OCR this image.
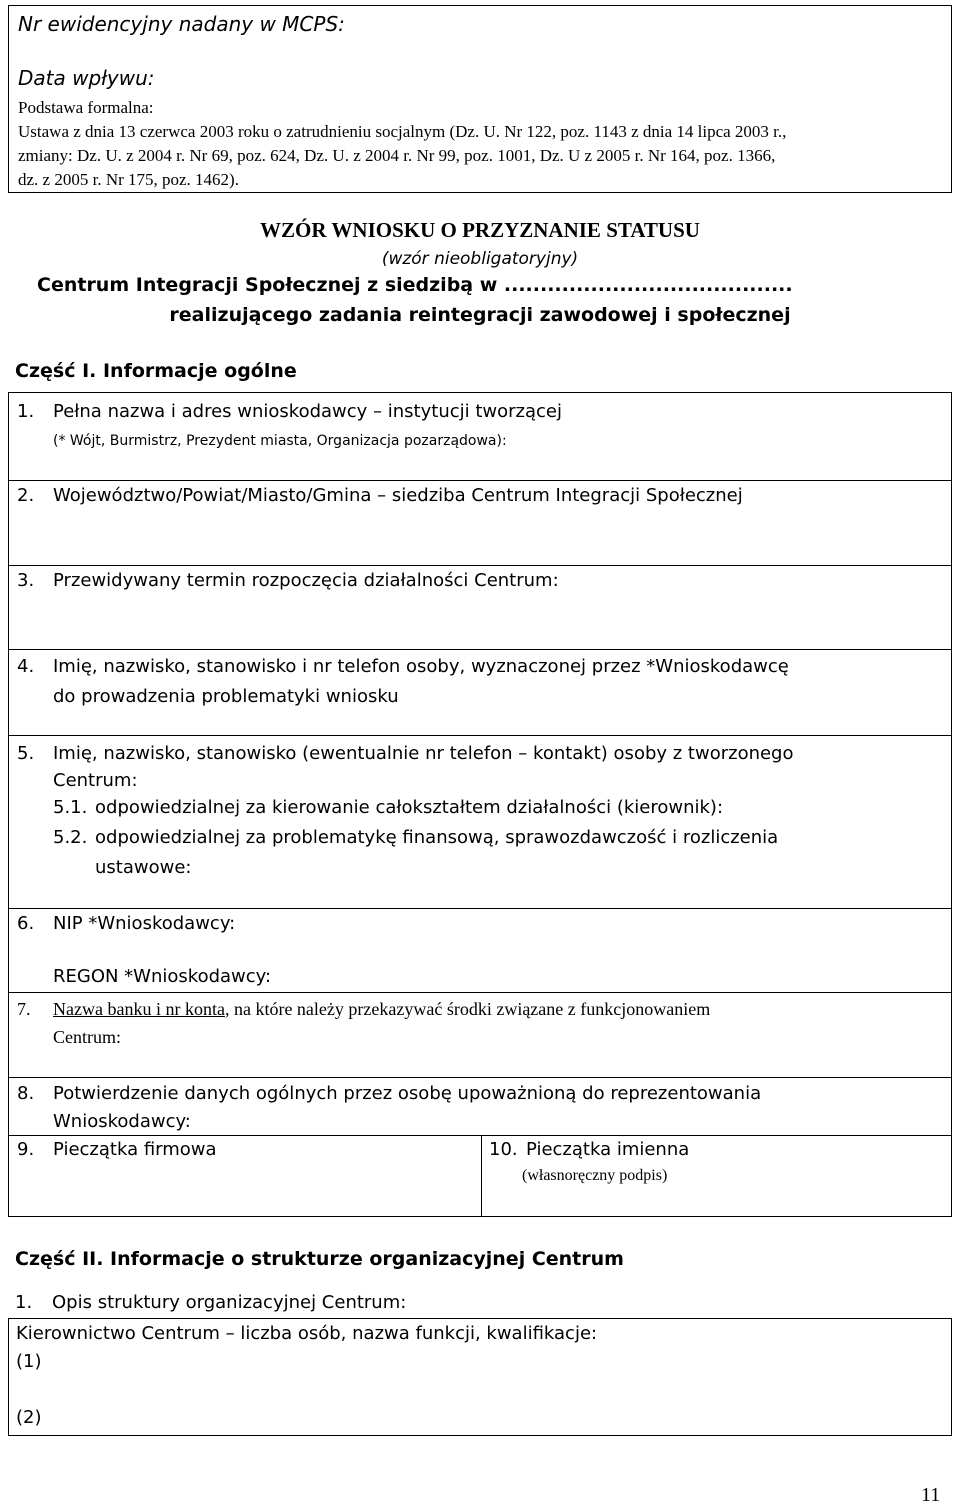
Nr ewidencyjny nadany w MCPS:
Data wpływu:
Podstawa formalna:
Ustawa z dnia 13 czerwca 2003 roku o zatrudnieniu socjalnym (Dz. U. Nr 122, poz. 1143 z dnia 14 lipca 2003 r.,
zmiany: Dz. U. z 2004 r. Nr 69, poz. 624, Dz. U. z 2004 r. Nr 99, poz. 1001, Dz. U z 2005 r. Nr 164, poz. 1366,
dz. z 2005 r. Nr 175, poz. 1462).
WZÓR WNIOSKU O PRZYZNANIE STATUSU
(wzór nieobligatoryjny)
Centrum Integracji Społecznej z siedzibą w ........................................
realizującego zadania reintegracji zawodowej i społecznej
Część I. Informacje ogólne
1. Pełna nazwa i adres wnioskodawcy – instytucji tworzącej
(* Wójt, Burmistrz, Prezydent miasta, Organizacja pozarządowa):
2. Województwo/Powiat/Miasto/Gmina – siedziba Centrum Integracji Społecznej
3. Przewidywany termin rozpoczęcia działalności Centrum:
4. Imię, nazwisko, stanowisko i nr telefon osoby, wyznaczonej przez *Wnioskodawcę
do prowadzenia problematyki wniosku
5. Imię, nazwisko, stanowisko (ewentualnie nr telefon – kontakt) osoby z tworzonego
Centrum:
5.1. odpowiedzialnej za kierowanie całokształtem działalności (kierownik):
5.2. odpowiedzialnej za problematykę finansową, sprawozdawczość i rozliczenia
ustawowe:
6. NIP *Wnioskodawcy:
REGON *Wnioskodawcy:
7. Nazwa banku i nr konta, na które należy przekazywać środki związane z funkcjonowaniem
Centrum:
8. Potwierdzenie danych ogólnych przez osobę upoważnioną do reprezentowania
Wnioskodawcy:
9. Pieczątka firmowa	10. Pieczątka imienna
(własnoręczny podpis)
Część II. Informacje o strukturze organizacyjnej Centrum
1. Opis struktury organizacyjnej Centrum:
Kierownictwo Centrum – liczba osób, nazwa funkcji, kwalifikacje:
(1)
(2)
11
